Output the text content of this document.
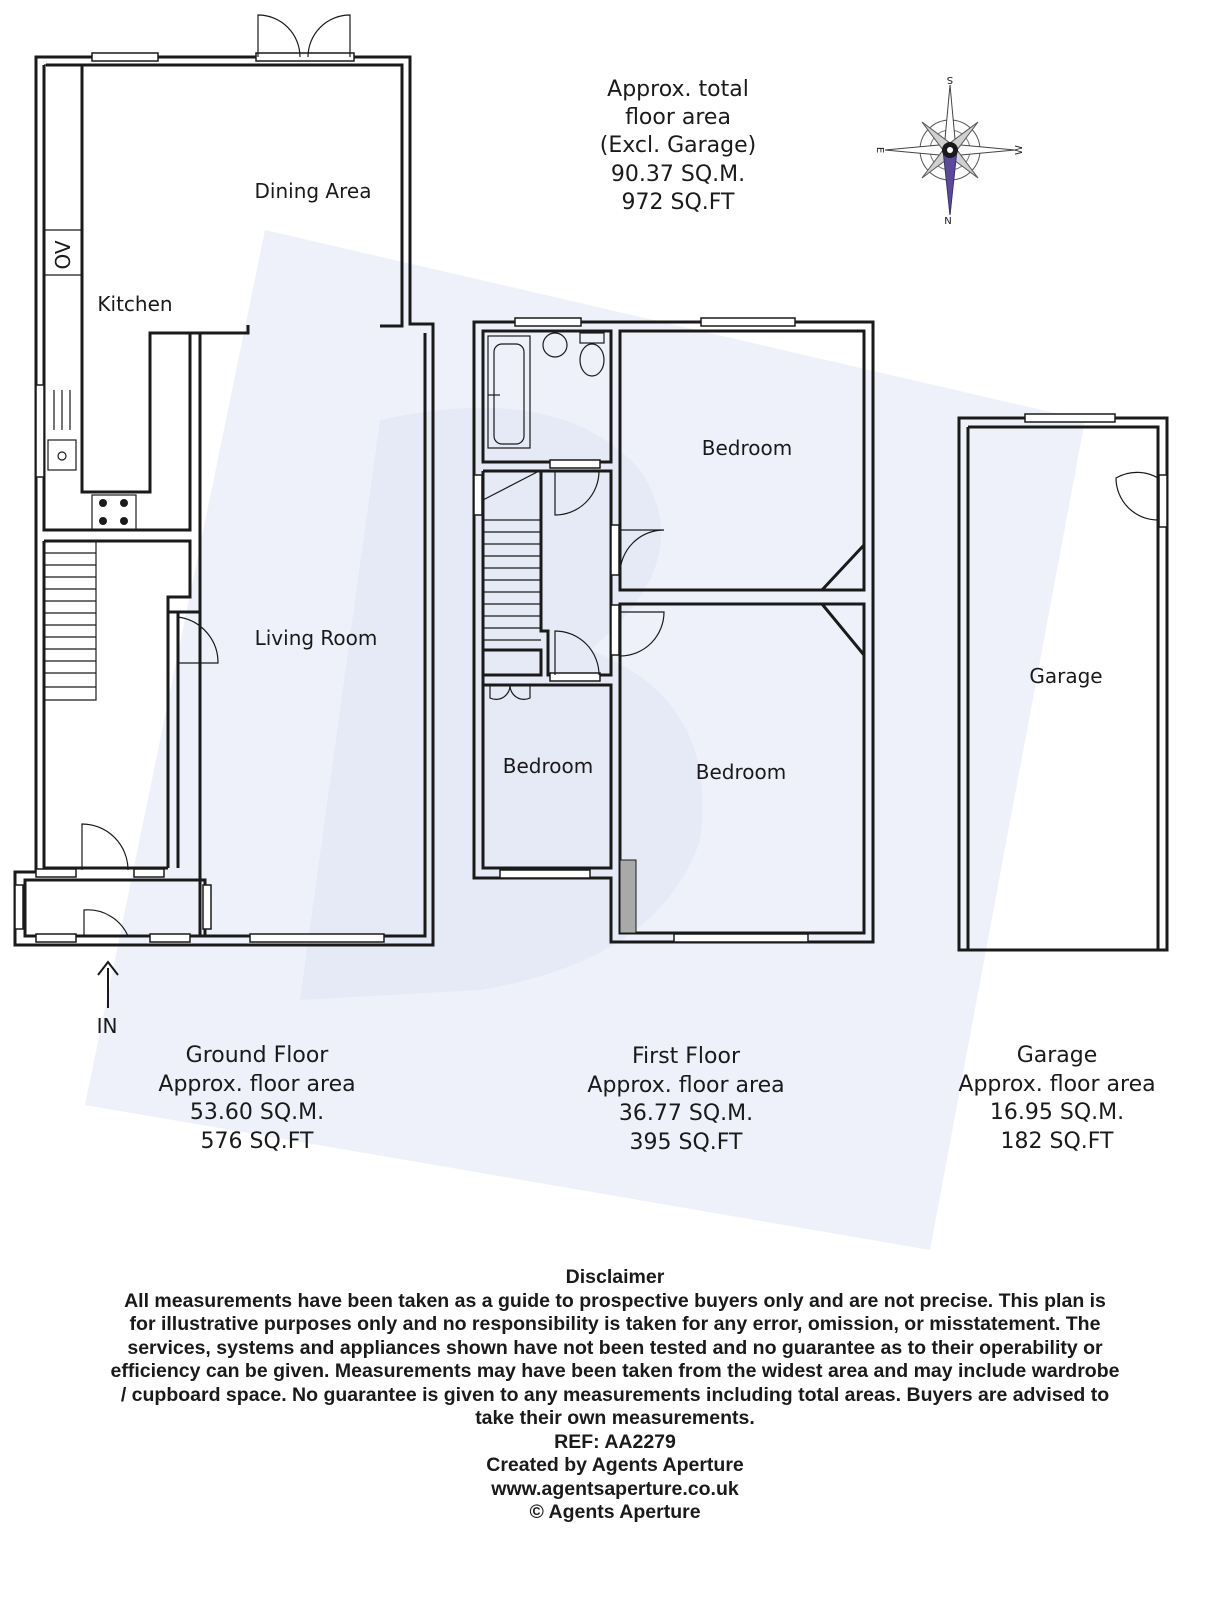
Dining Area
Kitchen
OV
Living Room
IN
Bedroom
Bedroom	Bedroom
Garage
S
N
E	W
Approx. total
floor area
(Excl. Garage)
90.37 SQ.M.
972 SQ.FT
Ground Floor
Approx. floor area
53.60 SQ.M.
576 SQ.FT
First Floor
Approx. floor area
36.77 SQ.M.
395 SQ.FT
Garage
Approx. floor area
16.95 SQ.M.
182 SQ.FT
Disclaimer
All measurements have been taken as a guide to prospective buyers only and are not precise. This plan is
for illustrative purposes only and no responsibility is taken for any error, omission, or misstatement. The
services, systems and appliances shown have not been tested and no guarantee as to their operability or
efficiency can be given. Measurements may have been taken from the widest area and may include wardrobe
/ cupboard space. No guarantee is given to any measurements including total areas. Buyers are advised to
take their own measurements.
REF: AA2279
Created by Agents Aperture
www.agentsaperture.co.uk
© Agents Aperture
